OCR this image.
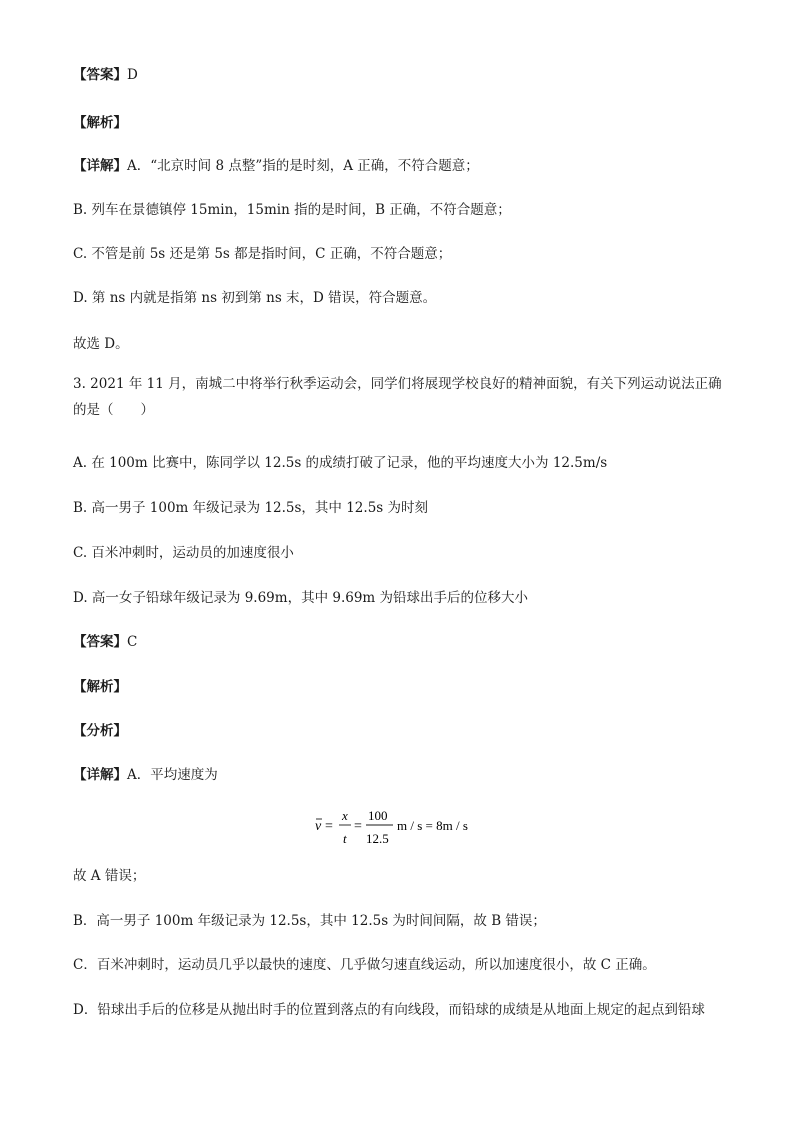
【答案】D
【解析】
【详解】A．“北京时间 8 点整”指的是时刻，A 正确，不符合题意；
B. 列车在景德镇停 15min，15min 指的是时间，B 正确，不符合题意；
C. 不管是前 5s 还是第 5s 都是指时间，C 正确，不符合题意；
D. 第 ns 内就是指第 ns 初到第 ns 末，D 错误，符合题意。
故选 D。
3. 2021 年 11 月，南城二中将举行秋季运动会，同学们将展现学校良好的精神面貌，有关下列运动说法正确的是（　　）
A. 在 100m 比赛中，陈同学以 12.5s 的成绩打破了记录，他的平均速度大小为 12.5m/s
B. 高一男子 100m 年级记录为 12.5s，其中 12.5s 为时刻
C. 百米冲刺时，运动员的加速度很小
D. 高一女子铅球年级记录为 9.69m，其中 9.69m 为铅球出手后的位移大小
【答案】C
【解析】
【分析】
【详解】A．平均速度为
v =
x
t
=
100
12.5
m / s = 8m / s
故 A 错误；
B．高一男子 100m 年级记录为 12.5s，其中 12.5s 为时间间隔，故 B 错误；
C．百米冲刺时，运动员几乎以最快的速度、几乎做匀速直线运动，所以加速度很小，故 C 正确。
D．铅球出手后的位移是从抛出时手的位置到落点的有向线段，而铅球的成绩是从地面上规定的起点到铅球
